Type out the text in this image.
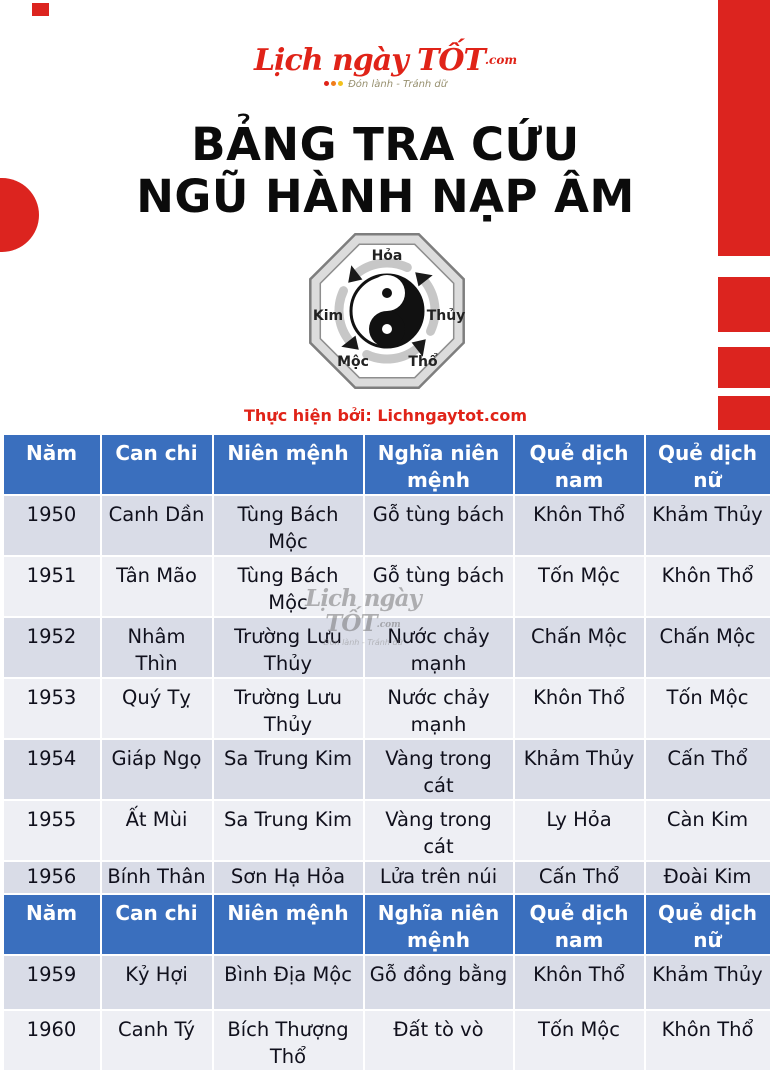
Lịch ngày TỐT$^{.com}$
Đón lành - Tránh dữ
BẢNG TRA CỨU
NGŨ HÀNH NẠP ÂM
Hỏa
Thủy
Thổ
Mộc
Kim
Thực hiện bởi: Lichngaytot.com
Năm	Can chi	Niên mệnh	Nghĩa niên mệnh	Quẻ dịch nam	Quẻ dịch nữ
1950	Canh Dần	Tùng Bách Mộc	Gỗ tùng bách	Khôn Thổ	Khảm Thủy
1951	Tân Mão	Tùng Bách Mộc	Gỗ tùng bách	Tốn Mộc	Khôn Thổ
1952	Nhâm Thìn	Trường Lưu Thủy	Nước chảy mạnh	Chấn Mộc	Chấn Mộc
1953	Quý Tỵ	Trường Lưu Thủy	Nước chảy mạnh	Khôn Thổ	Tốn Mộc
1954	Giáp Ngọ	Sa Trung Kim	Vàng trong cát	Khảm Thủy	Cấn Thổ
1955	Ất Mùi	Sa Trung Kim	Vàng trong cát	Ly Hỏa	Càn Kim
1956	Bính Thân	Sơn Hạ Hỏa	Lửa trên núi	Cấn Thổ	Đoài Kim
Năm	Can chi	Niên mệnh	Nghĩa niên mệnh	Quẻ dịch nam	Quẻ dịch nữ
1959	Kỷ Hợi	Bình Địa Mộc	Gỗ đồng bằng	Khôn Thổ	Khảm Thủy
1960	Canh Tý	Bích Thượng Thổ	Đất tò vò	Tốn Mộc	Khôn Thổ
Lịch ngày TỐT.com
Đón lành - Tránh dữ
